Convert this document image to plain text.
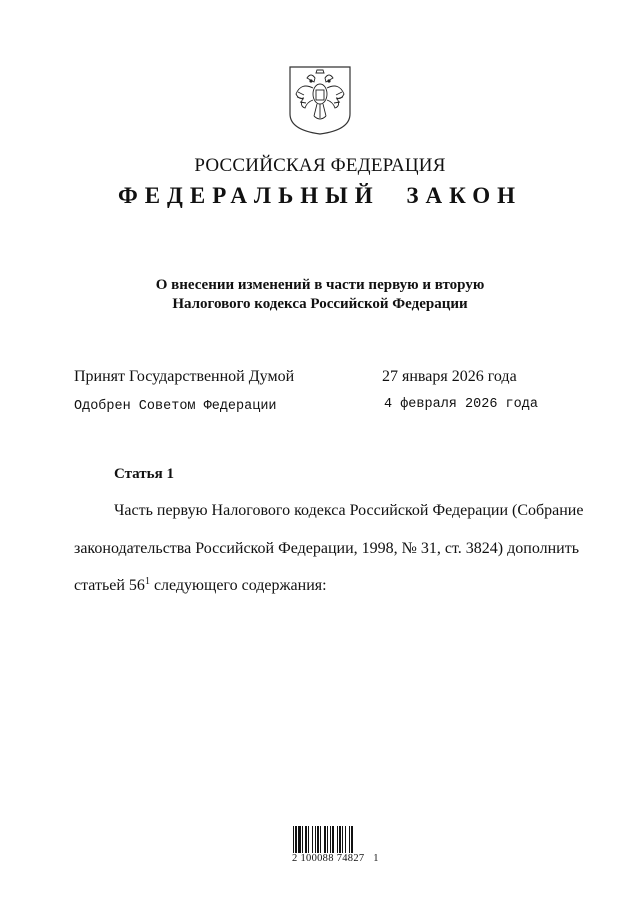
РОССИЙСКАЯ ФЕДЕРАЦИЯ
ФЕДЕРАЛЬНЫЙ ЗАКОН
О внесении изменений в части первую и вторую
Налогового кодекса Российской Федерации
Принят Государственной Думой	27 января 2026 года
Одобрен Советом Федерации	4 февраля 2026 года
Статья 1
Часть первую Налогового кодекса Российской Федерации (Собрание
законодательства Российской Федерации, 1998, № 31, ст. 3824) дополнить
статьей $56^1$ следующего содержания:
2 100088 74827   1
